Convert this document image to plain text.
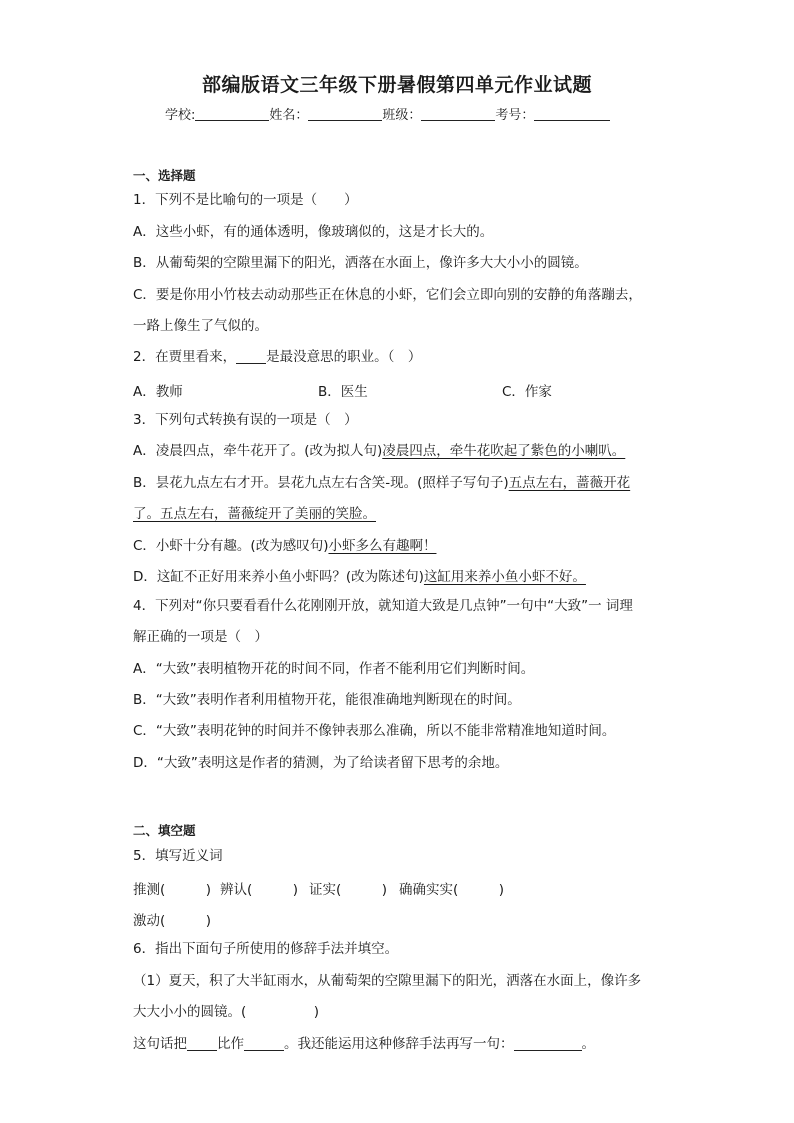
部编版语文三年级下册暑假第四单元作业试题
学校:	姓名：	班级：	考号：
一、选择题
1．下列不是比喻句的一项是（　　）
A．这些小虾，有的通体透明，像玻璃似的，这是才长大的。
B．从葡萄架的空隙里漏下的阳光，洒落在水面上，像许多大大小小的圆镜。
C．要是你用小竹枝去动动那些正在休息的小虾，它们会立即向别的安静的角落蹦去，
一路上像生了气似的。
2．在贾里看来， 是最没意思的职业。（　）
A．教师	B．医生	C．作家
3．下列句式转换有误的一项是（　）
A．凌晨四点，牵牛花开了。(改为拟人句)凌晨四点，牵牛花吹起了紫色的小喇叭。
B．昙花九点左右才开。昙花九点左右含笑-现。(照样子写句子)五点左右，蔷薇开花
了。五点左右，蔷薇绽开了美丽的笑脸。
C．小虾十分有趣。(改为感叹句)小虾多么有趣啊！
D．这缸不正好用来养小鱼小虾吗？(改为陈述句)这缸用来养小鱼小虾不好。
4．下列对“你只要看看什么花刚刚开放，就知道大致是几点钟”一句中“大致”一 词理
解正确的一项是（　）
A．“大致”表明植物开花的时间不同，作者不能利用它们判断时间。
B．“大致”表明作者利用植物开花，能很准确地判断现在的时间。
C．“大致”表明花钟的时间并不像钟表那么准确，所以不能非常精准地知道时间。
D．“大致”表明这是作者的猜测，为了给读者留下思考的余地。
二、填空题
5．填写近义词
推测(　　　) 辨认(　　　) 证实(　　　) 确确实实(　　　)
激动(　　　)
6．指出下面句子所使用的修辞手法并填空。
（1）夏天，积了大半缸雨水，从葡萄架的空隙里漏下的阳光，洒落在水面上，像许多
大大小小的圆镜。(　　　　　)
这句话把 比作	。我还能运用这种修辞手法再写一句：	。
